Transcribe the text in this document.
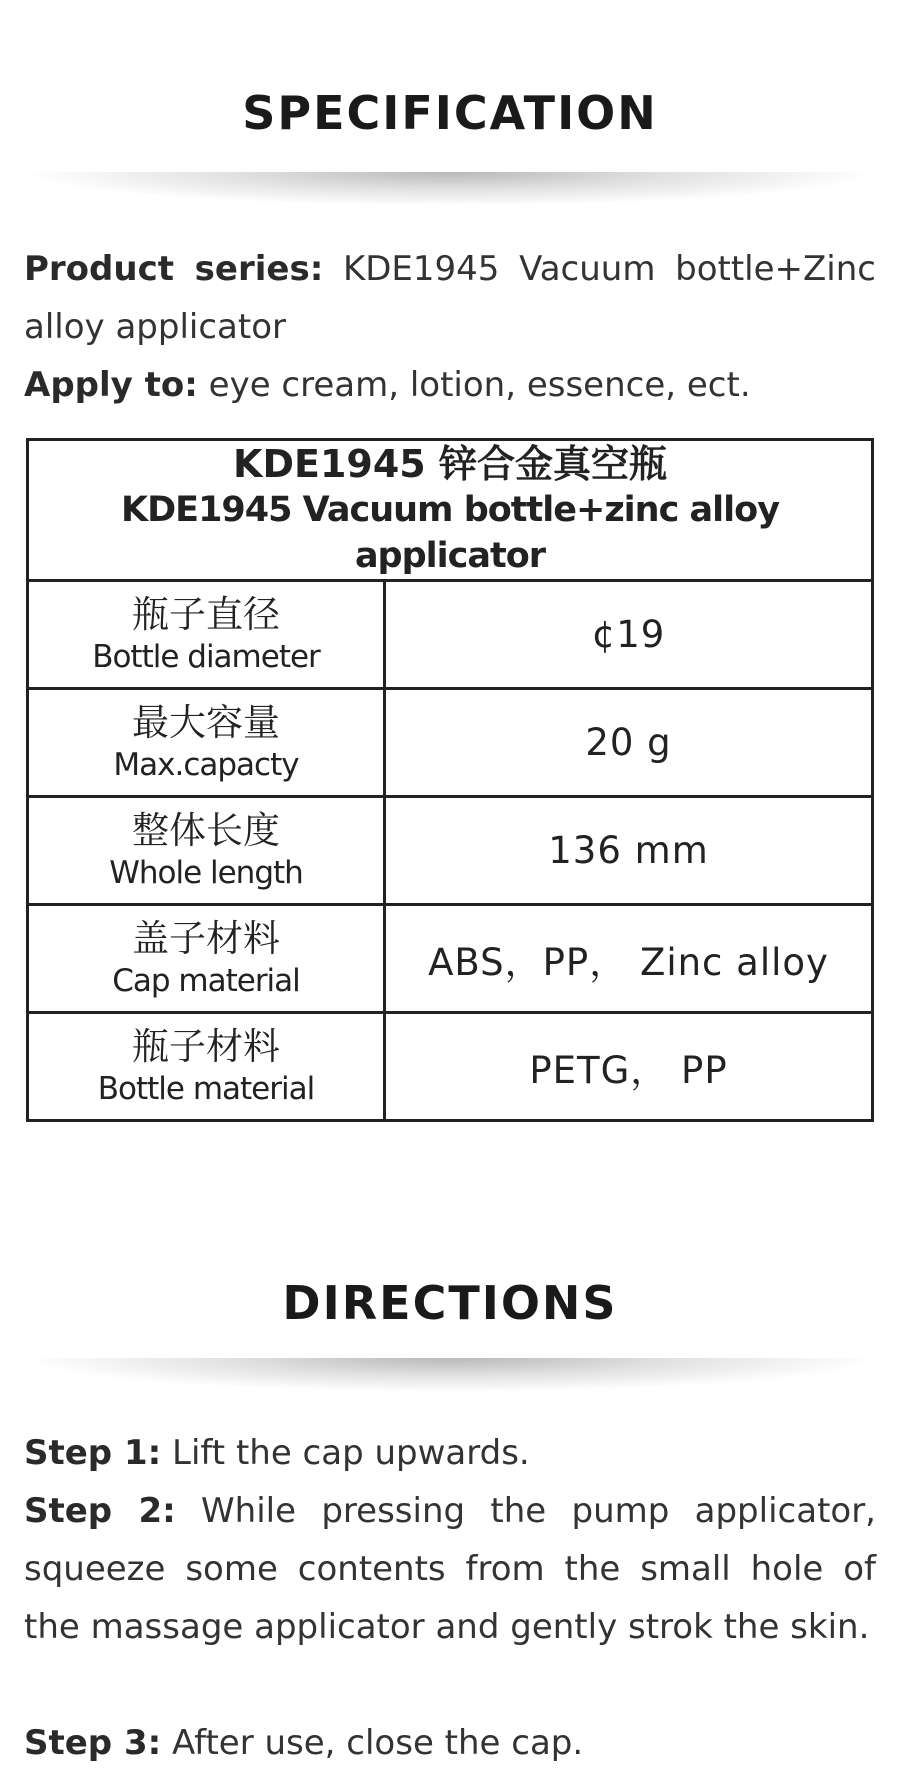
SPECIFICATION
Product series: KDE1945 Vacuum bottle+Zinc alloy applicator
Apply to: eye cream, lotion, essence, ect.
KDE1945 锌合金真空瓶
KDE1945 Vacuum bottle+zinc alloy applicator	

瓶子直径
Bottle diameter	¢19

最大容量
Max.capacty	20 g

整体长度
Whole length	136 mm

盖子材料
Cap material	ABS，PP， Zinc alloy

瓶子材料
Bottle material	PETG， PP
DIRECTIONS
Step 1: Lift the cap upwards.
Step 2: While pressing the pump applicator, squeeze some contents from the small hole of the massage applicator and gently strok the skin.
Step 3: After use, close the cap.
